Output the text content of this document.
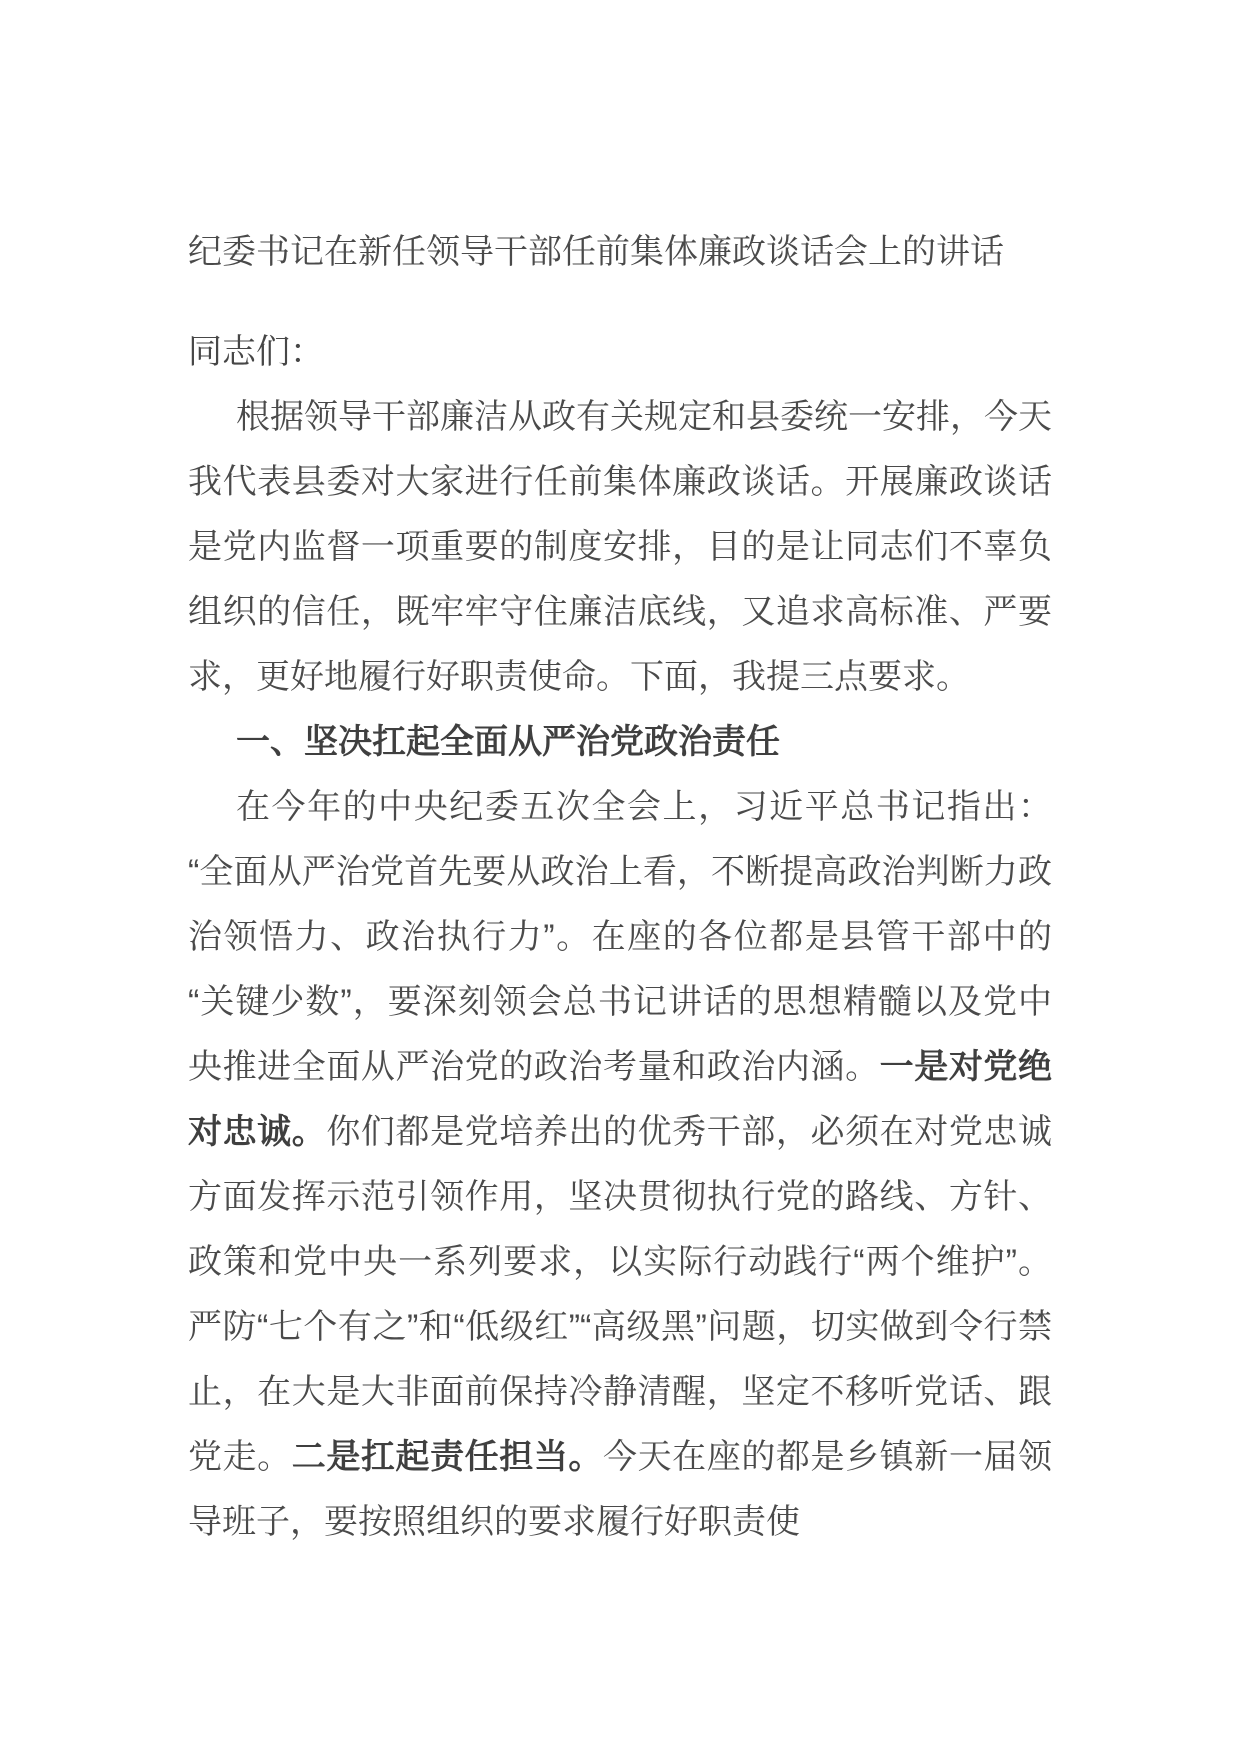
纪委书记在新任领导干部任前集体廉政谈话会上的讲话

同志们：

根据领导干部廉洁从政有关规定和县委统一安排，今天我代表县委对大家进行任前集体廉政谈话。开展廉政谈话是党内监督一项重要的制度安排，目的是让同志们不辜负组织的信任，既牢牢守住廉洁底线，又追求高标准、严要求，更好地履行好职责使命。下面，我提三点要求。

一、坚决扛起全面从严治党政治责任

在今年的中央纪委五次全会上，习近平总书记指出：“全面从严治党首先要从政治上看，不断提高政治判断力政治领悟力、政治执行力”。在座的各位都是县管干部中的“关键少数”，要深刻领会总书记讲话的思想精髓以及党中央推进全面从严治党的政治考量和政治内涵。一是对党绝对忠诚。你们都是党培养出的优秀干部，必须在对党忠诚方面发挥示范引领作用，坚决贯彻执行党的路线、方针、政策和党中央一系列要求，以实际行动践行“两个维护”。严防“七个有之”和“低级红”“高级黑”问题，切实做到令行禁止，在大是大非面前保持冷静清醒，坚定不移听党话、跟党走。二是扛起责任担当。今天在座的都是乡镇新一届领导班子，要按照组织的要求履行好职责使
